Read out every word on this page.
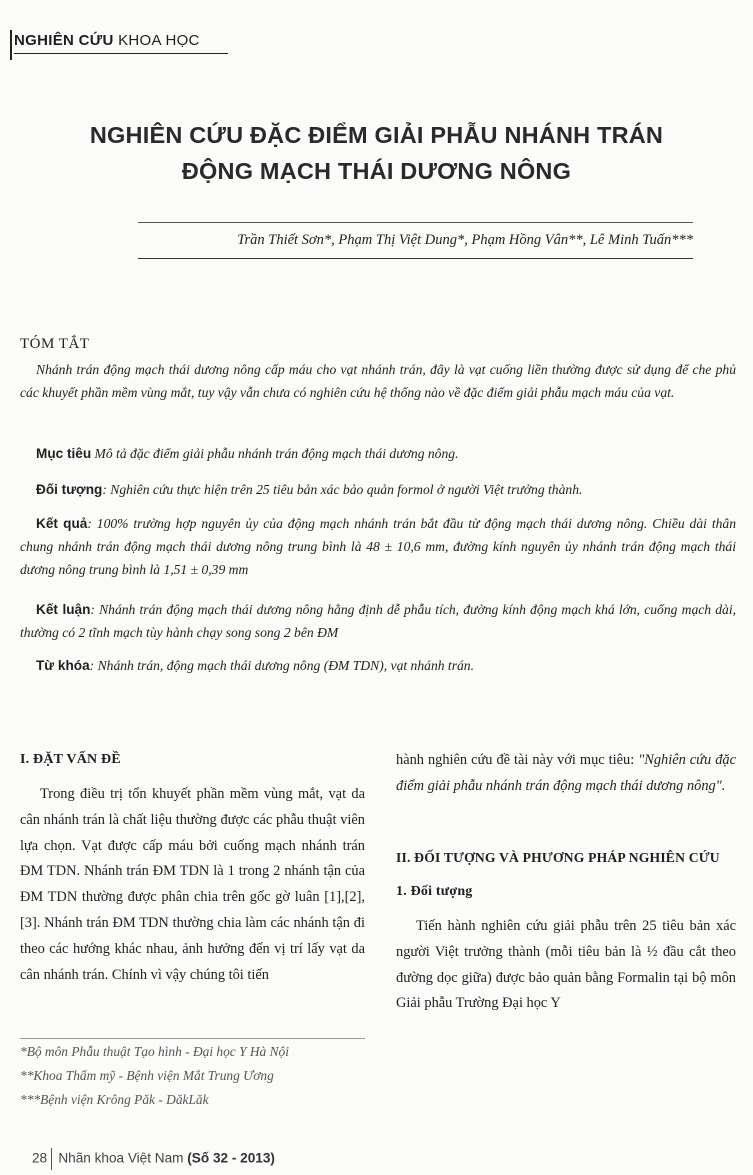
NGHIÊN CỨU KHOA HỌC
NGHIÊN CỨU ĐẶC ĐIỂM GIẢI PHẪU NHÁNH TRÁN
ĐỘNG MẠCH THÁI DƯƠNG NÔNG
Trần Thiết Sơn*, Phạm Thị Việt Dung*, Phạm Hồng Vân**, Lê Minh Tuấn***
TÓM TẮT
Nhánh trán động mạch thái dương nông cấp máu cho vạt nhánh trán, đây là vạt cuống liền thường được sử dụng để che phủ các khuyết phần mềm vùng mắt, tuy vậy vẫn chưa có nghiên cứu hệ thống nào về đặc điểm giải phẫu mạch máu của vạt.
Mục tiêu Mô tả đặc điểm giải phẫu nhánh trán động mạch thái dương nông.
Đối tượng: Nghiên cứu thực hiện trên 25 tiêu bản xác bảo quản formol ở người Việt trưởng thành.
Kết quả: 100% trường hợp nguyên ủy của động mạch nhánh trán bắt đầu từ động mạch thái dương nông. Chiều dài thân chung nhánh trán động mạch thái dương nông trung bình là 48 ± 10,6 mm, đường kính nguyên ủy nhánh trán động mạch thái dương nông trung bình là 1,51 ± 0,39 mm
Kết luận: Nhánh trán động mạch thái dương nông hằng định dễ phẫu tích, đường kính động mạch khá lớn, cuống mạch dài, thường có 2 tĩnh mạch tùy hành chạy song song 2 bên ĐM
Từ khóa: Nhánh trán, động mạch thái dương nông (ĐM TDN), vạt nhánh trán.
I. ĐẶT VẤN ĐỀ
Trong điều trị tổn khuyết phần mềm vùng mắt, vạt da cân nhánh trán là chất liệu thường được các phẫu thuật viên lựa chọn. Vạt được cấp máu bởi cuống mạch nhánh trán ĐM TDN. Nhánh trán ĐM TDN là 1 trong 2 nhánh tận của ĐM TDN thường được phân chia trên gốc gờ luân [1],[2],[3]. Nhánh trán ĐM TDN thường chia làm các nhánh tận đi theo các hướng khác nhau, ảnh hưởng đến vị trí lấy vạt da cân nhánh trán. Chính vì vậy chúng tôi tiến
hành nghiên cứu đề tài này với mục tiêu: "Nghiên cứu đặc điểm giải phẫu nhánh trán động mạch thái dương nông".
II. ĐỐI TƯỢNG VÀ PHƯƠNG PHÁP NGHIÊN CỨU
1. Đối tượng
Tiến hành nghiên cứu giải phẫu trên 25 tiêu bản xác người Việt trưởng thành (mỗi tiêu bản là ½ đầu cắt theo đường dọc giữa) được bảo quản bằng Formalin tại bộ môn Giải phẫu Trường Đại học Y
*Bộ môn Phẫu thuật Tạo hình - Đại học Y Hà Nội
**Khoa Thẩm mỹ - Bệnh viện Mắt Trung Ương
***Bệnh viện Krông Păk - DăkLăk
28 Nhãn khoa Việt Nam (Số 32 - 2013)
